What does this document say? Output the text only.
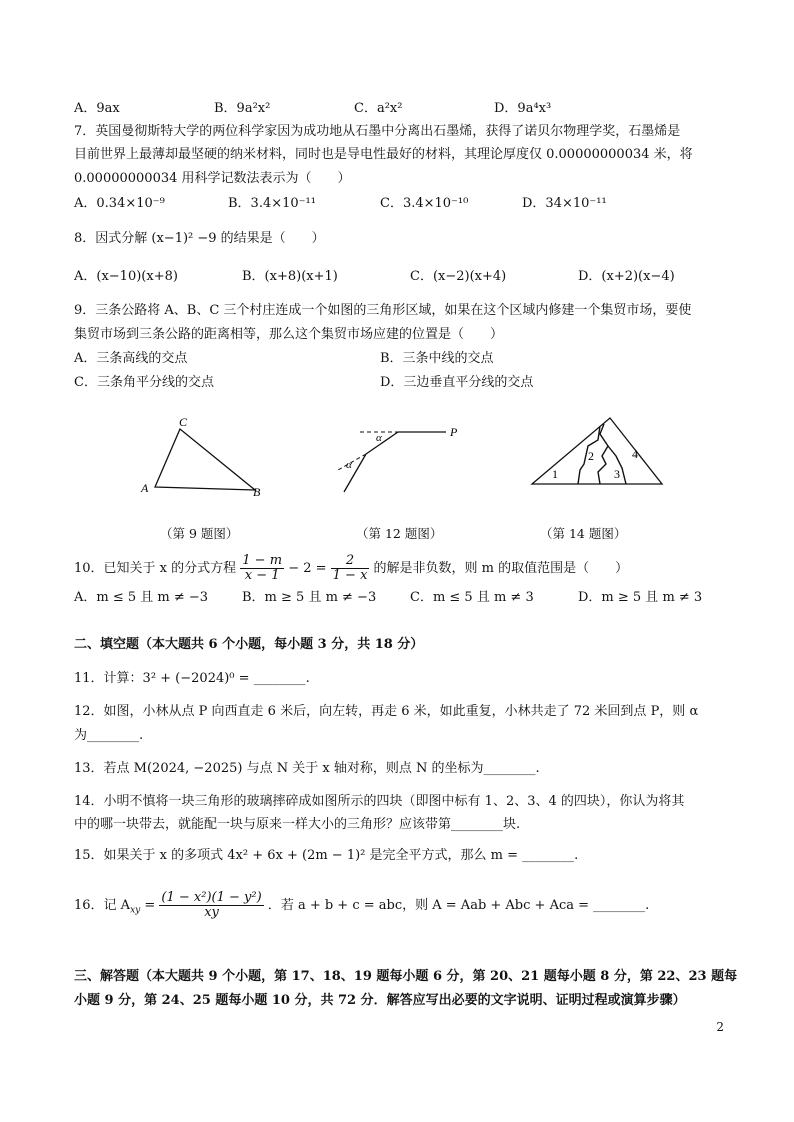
A．9ax	B．9a²x²	C．a²x²	D．9a⁴x³
7．英国曼彻斯特大学的两位科学家因为成功地从石墨中分离出石墨烯，获得了诺贝尔物理学奖，石墨烯是
目前世界上最薄却最坚硬的纳米材料，同时也是导电性最好的材料，其理论厚度仅 0.00000000034 米，将
0.00000000034 用科学记数法表示为（　　）
A．0.34×10⁻⁹	B．3.4×10⁻¹¹	C．3.4×10⁻¹⁰	D．34×10⁻¹¹
8．因式分解 (x−1)² −9 的结果是（　　）
A．(x−10)(x+8)	B．(x+8)(x+1)	C．(x−2)(x+4)	D．(x+2)(x−4)
9．三条公路将 A、B、C 三个村庄连成一个如图的三角形区域，如果在这个区域内修建一个集贸市场，要使
集贸市场到三条公路的距离相等，那么这个集贸市场应建的位置是（　　）
A．三条高线的交点	B．三条中线的交点
C．三条角平分线的交点	D．三边垂直平分线的交点
C
A	B
（第 9 题图）
α
α
P
（第 12 题图）
1
2
3
4
（第 14 题图）
10．已知关于 x 的分式方程 $\frac{1 - m}{x - 1} - 2 = \frac{2}{1 - x}$ 的解是非负数，则 m 的取值范围是（　　）
A．m ≤ 5 且 m ≠ −3	B．m ≥ 5 且 m ≠ −3	C．m ≤ 5 且 m ≠ 3	D．m ≥ 5 且 m ≠ 3
二、填空题（本大题共 6 个小题，每小题 3 分，共 18 分）
11．计算：3² + (−2024)⁰ = ________.
12．如图，小林从点 P 向西直走 6 米后，向左转，再走 6 米，如此重复，小林共走了 72 米回到点 P，则 α
为________.
13．若点 M(2024, −2025) 与点 N 关于 x 轴对称，则点 N 的坐标为________.
14．小明不慎将一块三角形的玻璃摔碎成如图所示的四块（即图中标有 1、2、3、4 的四块），你认为将其
中的哪一块带去，就能配一块与原来一样大小的三角形？应该带第________块.
15．如果关于 x 的多项式 4x² + 6x + (2m − 1)² 是完全平方式，那么 m = ________.
16．记 $A_{xy} = \frac{\text{(1 − x²)(1 − y²)}}{xy}$ ．若 a + b + c = abc，则 A = Aab + Abc + Aca = ________.
三、解答题（本大题共 9 个小题，第 17、18、19 题每小题 6 分，第 20、21 题每小题 8 分，第 22、23 题每
小题 9 分，第 24、25 题每小题 10 分，共 72 分．解答应写出必要的文字说明、证明过程或演算步骤）
2
